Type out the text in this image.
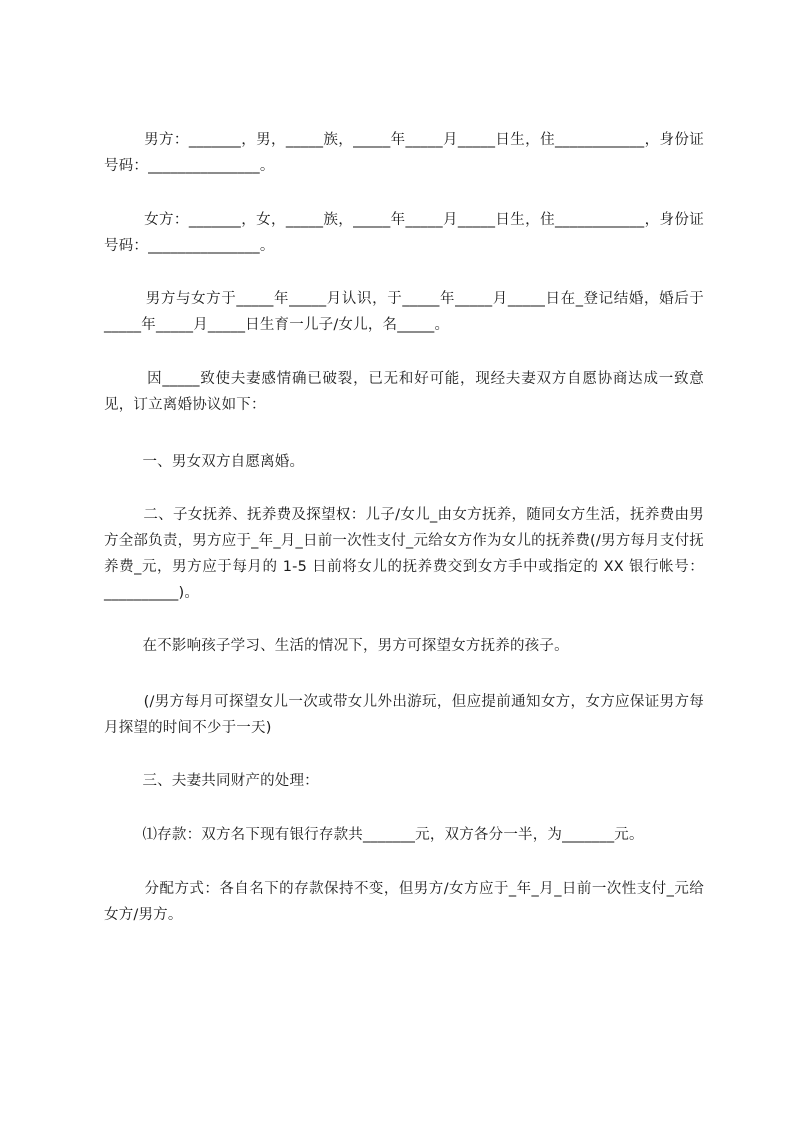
男方：_______，男，_____族，_____年_____月_____日生，住____________，身份证号码：_______________。

女方：_______，女，_____族，_____年_____月_____日生，住____________，身份证号码：_______________。

男方与女方于_____年_____月认识，于_____年_____月_____日在_登记结婚，婚后于_____年_____月_____日生育一儿子/女儿，名_____。

因_____致使夫妻感情确已破裂，已无和好可能，现经夫妻双方自愿协商达成一致意见，订立离婚协议如下：

一、男女双方自愿离婚。

二、子女抚养、抚养费及探望权：儿子/女儿_由女方抚养，随同女方生活，抚养费由男方全部负责，男方应于_年_月_日前一次性支付_元给女方作为女儿的抚养费(/男方每月支付抚养费_元，男方应于每月的 1-5 日前将女儿的抚养费交到女方手中或指定的 XX 银行帐号：__________)。

在不影响孩子学习、生活的情况下，男方可探望女方抚养的孩子。

(/男方每月可探望女儿一次或带女儿外出游玩，但应提前通知女方，女方应保证男方每月探望的时间不少于一天)

三、夫妻共同财产的处理：

⑴存款：双方名下现有银行存款共_______元，双方各分一半，为_______元。

分配方式：各自名下的存款保持不变，但男方/女方应于_年_月_日前一次性支付_元给女方/男方。
